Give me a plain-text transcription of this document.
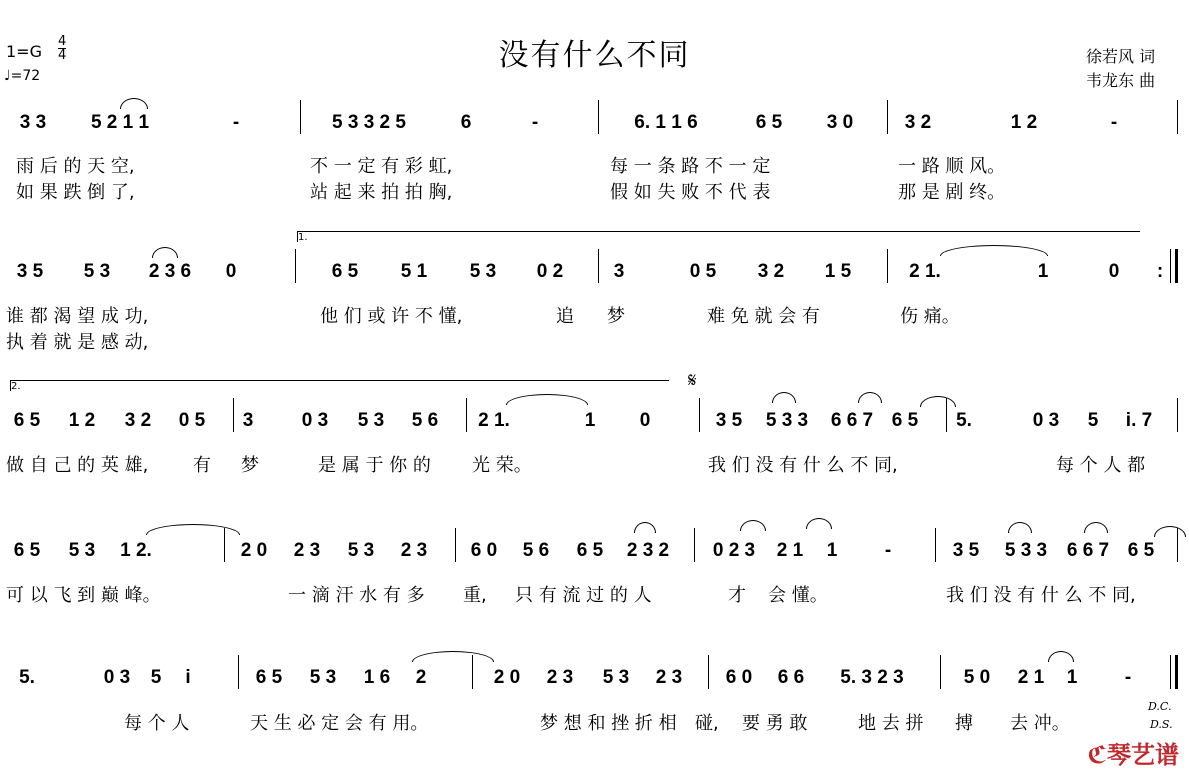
没有什么不同
$1=G \frac{4}{4}$
♩=72
徐若风 词
韦龙东 曲
3 3 5 2 1 1	-	5 3 3 2 5	6	-	6. 1 1 6	6 5 3 0	3 2	1 2	-
雨 后 的 天 空,	不 一 定 有 彩 虹,	每 一 条 路 不 一 定	一 路 顺 风。
如 果 跌 倒 了,	站 起 来 拍 拍 胸,	假 如 失 败 不 代 表	那 是 剧 终。
1.
3 5 5 3 2 3 6 0	6 5 5 1 5 3 0 2	3	0 5 3 2 1 5	2 1.	1	0 :
谁 都 渴 望 成 功,	他 们 或 许 不 懂,	追 梦	难 免 就 会 有	伤 痛。
执 着 就 是 感 动,
2.	𝄋
6 5 1 2 3 2 0 5 3	0 3 5 3 5 6 2 1.	1 0	3 5 5 3 3 6 6 7 6 5 5.	0 3 5 i. 7
做 自 己 的 英 雄, 有 梦	是 属 于 你 的 光 荣。	我 们 没 有 什 么 不 同,	每 个 人 都
6 5 5 3 1 2.	2 0 2 3 5 3 2 3 6 0 5 6 6 5 2 3 2 0 2 3 2 1 1	-	3 5 5 3 3 6 6 7 6 5
可 以 飞 到 巅 峰。	一 滴 汗 水 有 多 重, 只 有 流 过 的 人	才 会 懂。	我 们 没 有 什 么 不 同,
5.	0 3 5 i	6 5 5 3 1 6 2	2 0 2 3 5 3 2 3 6 0 6 6 5. 3 2 3	5 0 2 1 1	-
每 个 人	天 生 必 定 会 有 用。	梦 想 和 挫 折 相 碰, 要 勇 敢	地 去 拼 搏 去 冲。
D.C.
D.S.
ℭ琴艺谱
